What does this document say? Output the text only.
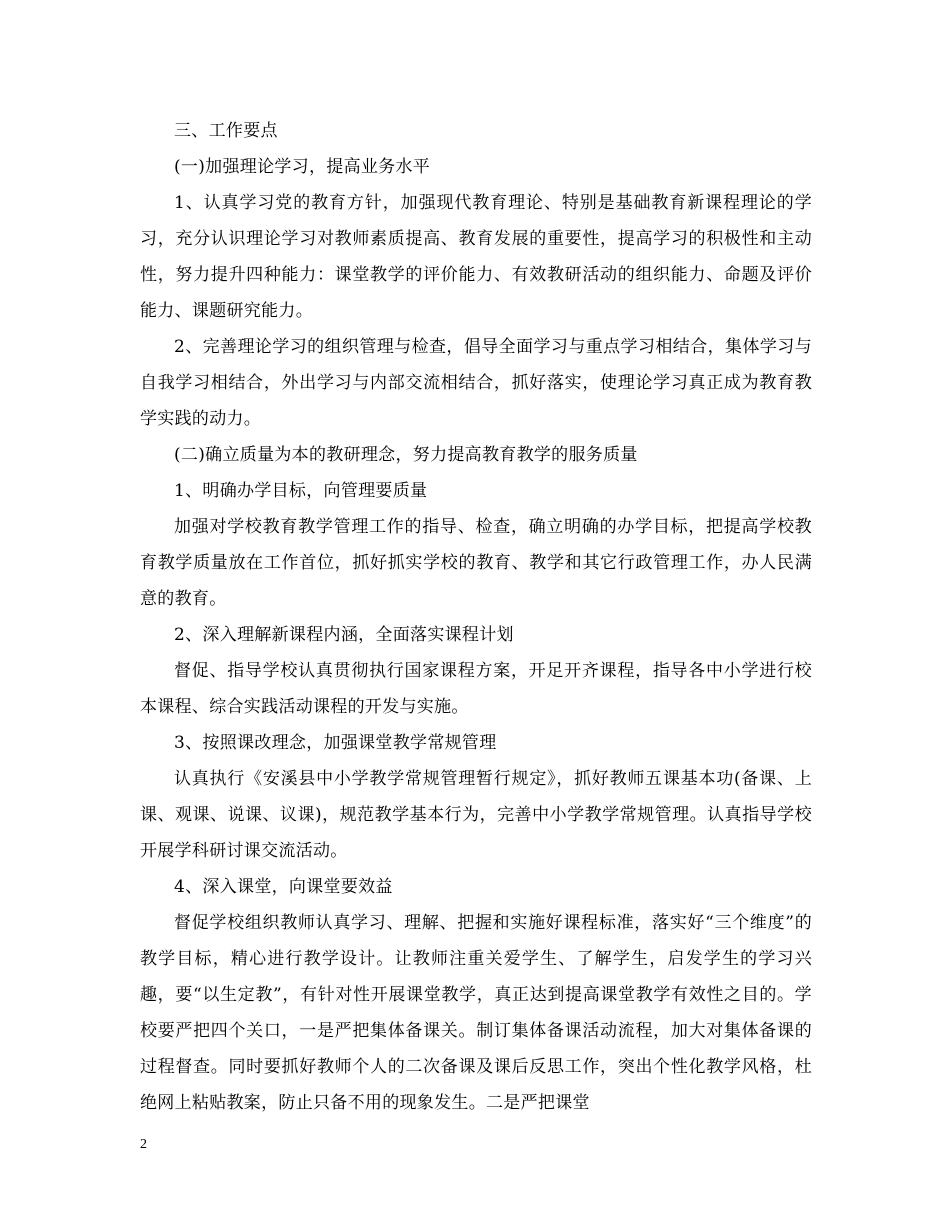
三、工作要点

(一)加强理论学习，提高业务水平

1、认真学习党的教育方针，加强现代教育理论、特别是基础教育新课程理论的学习，充分认识理论学习对教师素质提高、教育发展的重要性，提高学习的积极性和主动性，努力提升四种能力：课堂教学的评价能力、有效教研活动的组织能力、命题及评价能力、课题研究能力。

2、完善理论学习的组织管理与检查，倡导全面学习与重点学习相结合，集体学习与自我学习相结合，外出学习与内部交流相结合，抓好落实，使理论学习真正成为教育教学实践的动力。

(二)确立质量为本的教研理念，努力提高教育教学的服务质量

1、明确办学目标，向管理要质量

加强对学校教育教学管理工作的指导、检查，确立明确的办学目标，把提高学校教育教学质量放在工作首位，抓好抓实学校的教育、教学和其它行政管理工作，办人民满意的教育。

2、深入理解新课程内涵，全面落实课程计划

督促、指导学校认真贯彻执行国家课程方案，开足开齐课程，指导各中小学进行校本课程、综合实践活动课程的开发与实施。

3、按照课改理念，加强课堂教学常规管理

认真执行《安溪县中小学教学常规管理暂行规定》，抓好教师五课基本功(备课、上课、观课、说课、议课)，规范教学基本行为，完善中小学教学常规管理。认真指导学校开展学科研讨课交流活动。

4、深入课堂，向课堂要效益

督促学校组织教师认真学习、理解、把握和实施好课程标准，落实好“三个维度”的教学目标，精心进行教学设计。让教师注重关爱学生、了解学生，启发学生的学习兴趣，要“以生定教”，有针对性开展课堂教学，真正达到提高课堂教学有效性之目的。学校要严把四个关口，一是严把集体备课关。制订集体备课活动流程，加大对集体备课的过程督查。同时要抓好教师个人的二次备课及课后反思工作，突出个性化教学风格，杜绝网上粘贴教案，防止只备不用的现象发生。二是严把课堂

2
